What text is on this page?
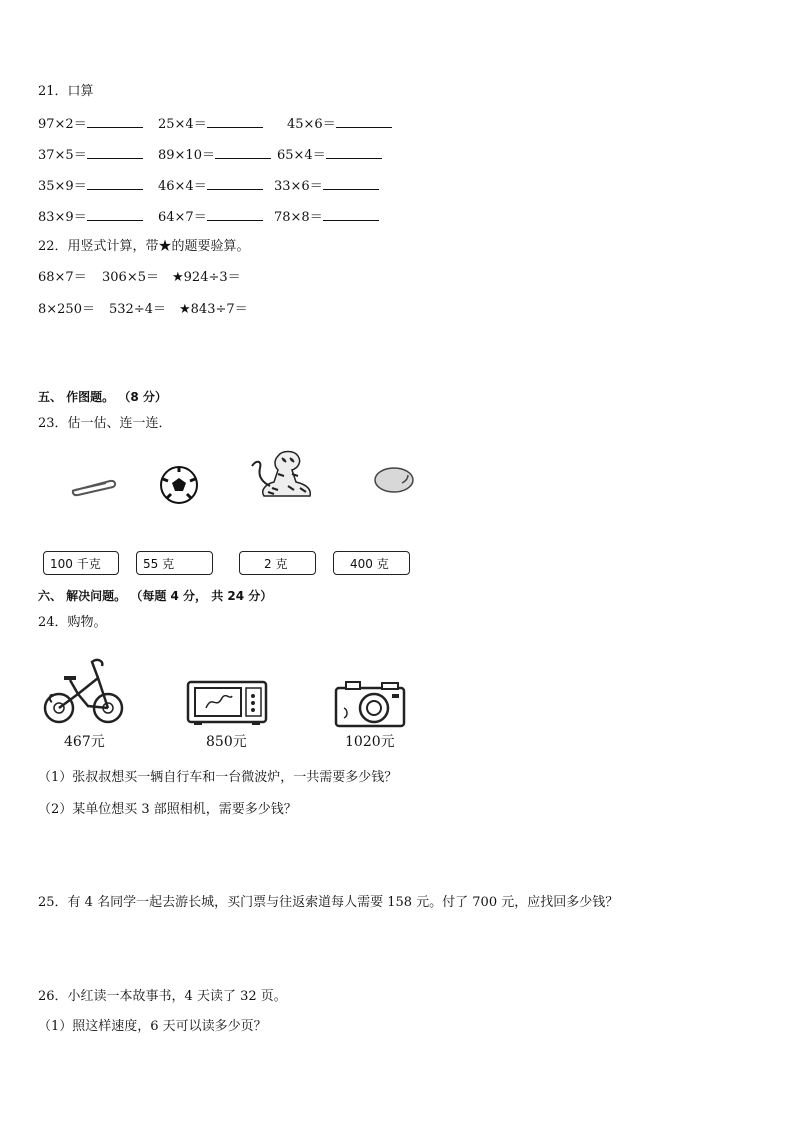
21．口算
97×2＝	25×4＝	45×6＝
37×5＝	89×10＝	65×4＝
35×9＝	46×4＝	33×6＝
83×9＝	64×7＝	78×8＝
22．用竖式计算，带★的题要验算。
68×7＝ 306×5＝ ★924÷3＝
8×250＝ 532÷4＝ ★843÷7＝
五、 作图题。 （8 分）
23．估一估、连一连．
100 千克	55 克	2 克	400 克
六、 解决问题。 （每题 4 分， 共 24 分）
24．购物。
467元	850元	1020元
（1）张叔叔想买一辆自行车和一台微波炉，一共需要多少钱？
（2）某单位想买 3 部照相机，需要多少钱？
25．有 4 名同学一起去游长城，买门票与往返索道每人需要 158 元。付了 700 元，应找回多少钱？
26．小红读一本故事书，4 天读了 32 页。
（1）照这样速度，6 天可以读多少页？
